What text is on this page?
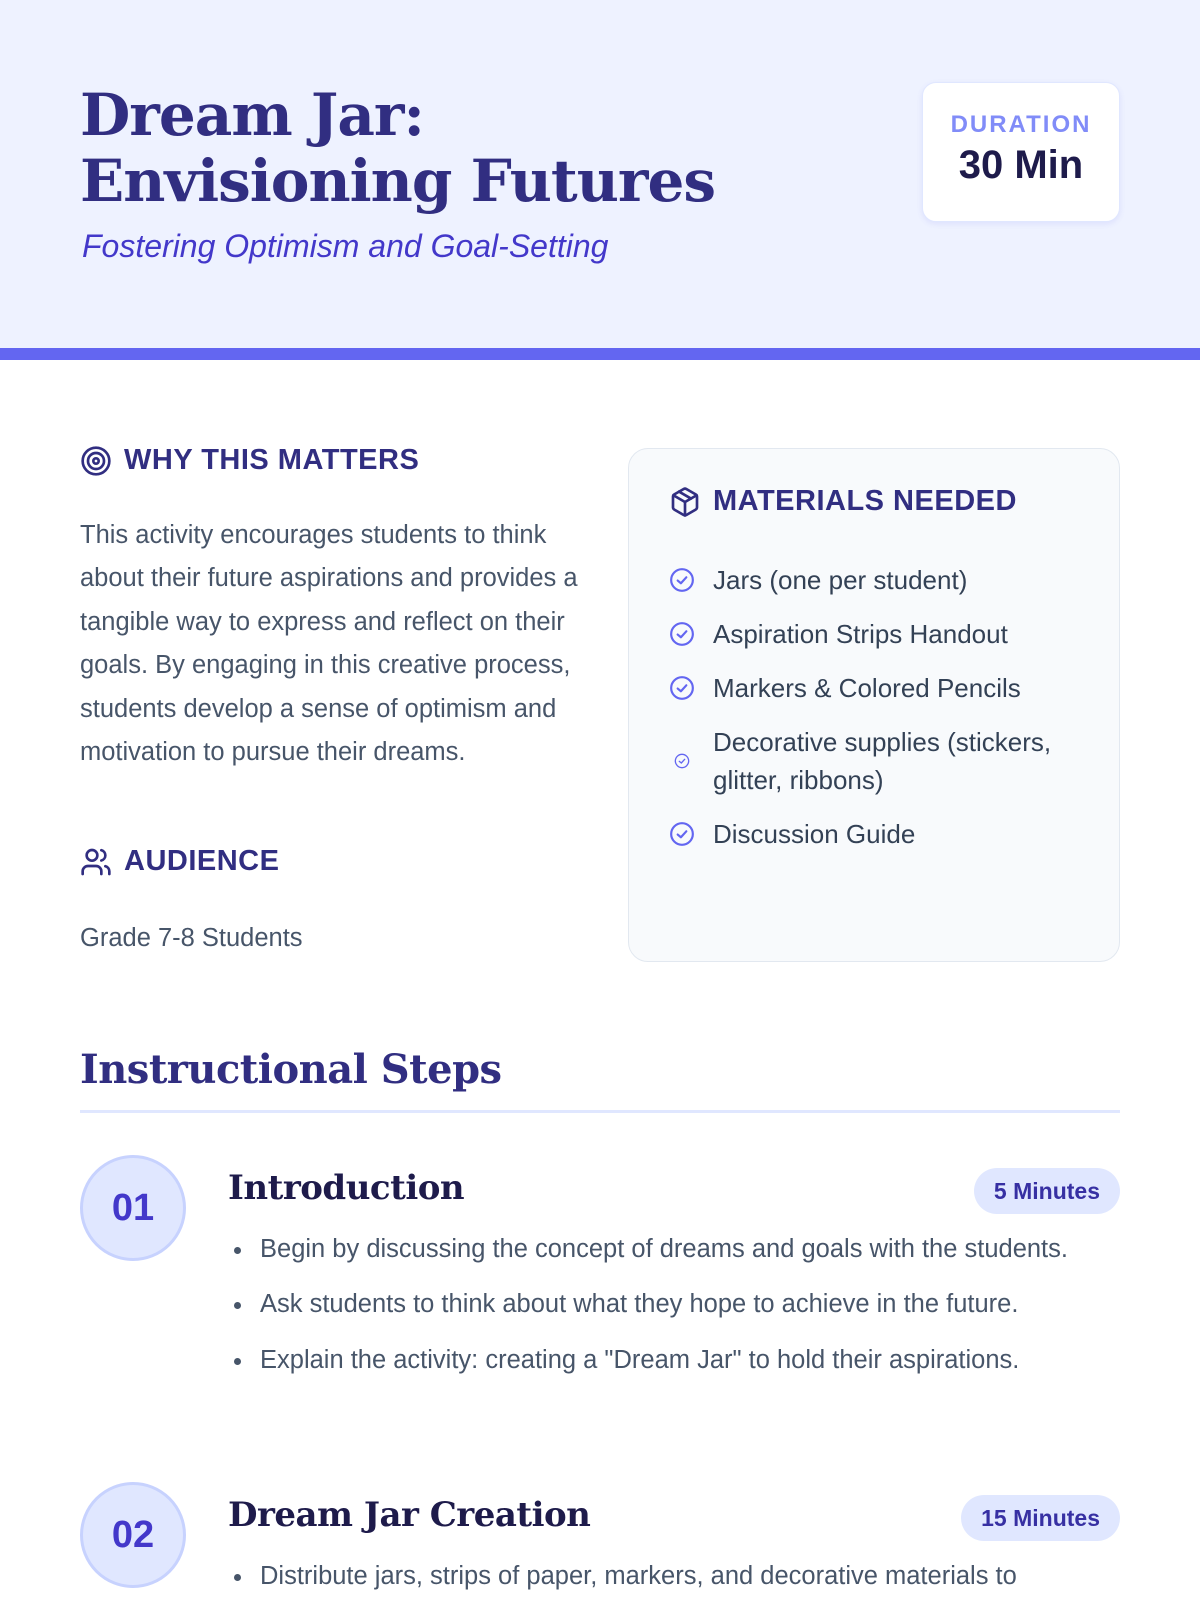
Dream Jar: Envisioning Futures
Fostering Optimism and Goal-Setting
DURATION
30 Min
WHY THIS MATTERS

This activity encourages students to think about their future aspirations and provides a tangible way to express and reflect on their goals. By engaging in this creative process, students develop a sense of optimism and motivation to pursue their dreams.

AUDIENCE
Grade 7-8 Students
MATERIALS NEEDED
Jars (one per student)
Aspiration Strips Handout
Markers & Colored Pencils
Decorative supplies (stickers, glitter, ribbons)
Discussion Guide
Instructional Steps
01	Introduction	5 Minutes
Begin by discussing the concept of dreams and goals with the students.
Ask students to think about what they hope to achieve in the future.
Explain the activity: creating a "Dream Jar" to hold their aspirations.
02	Dream Jar Creation	15 Minutes
Distribute jars, strips of paper, markers, and decorative materials to
